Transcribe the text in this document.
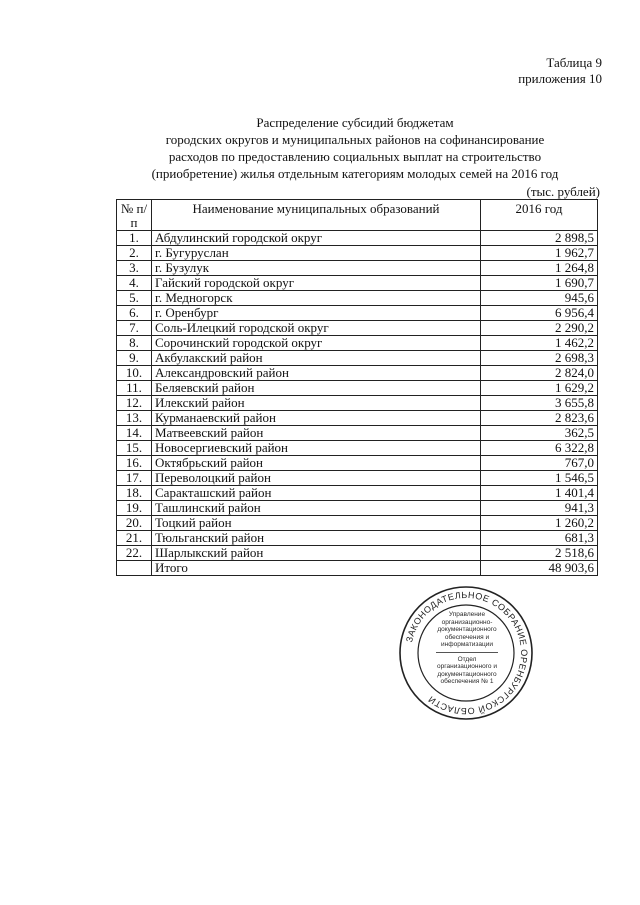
Таблица 9
приложения 10
Распределение субсидий бюджетам
городских округов и муниципальных районов на софинансирование
расходов по предоставлению социальных выплат на строительство
(приобретение) жилья отдельным категориям молодых семей на 2016 год
(тыс. рублей)
№ п/п	Наименование муниципальных образований	2016 год
1.	Абдулинский городской округ	2 898,5
2.	г. Бугуруслан	1 962,7
3.	г. Бузулук	1 264,8
4.	Гайский городской округ	1 690,7
5.	г. Медногорск	945,6
6.	г. Оренбург	6 956,4
7.	Соль-Илецкий городской округ	2 290,2
8.	Сорочинский городской округ	1 462,2
9.	Акбулакский район	2 698,3
10.	Александровский район	2 824,0
11.	Беляевский район	1 629,2
12.	Илекский район	3 655,8
13.	Курманаевский район	2 823,6
14.	Матвеевский район	362,5
15.	Новосергиевский район	6 322,8
16.	Октябрьский район	767,0
17.	Переволоцкий район	1 546,5
18.	Саракташский район	1 401,4
19.	Ташлинский район	941,3
20.	Тоцкий район	1 260,2
21.	Тюльганский район	681,3
22.	Шарлыкский район	2 518,6
	Итого	48 903,6
ЗАКОНОДАТЕЛЬНОЕ СОБРАНИЕ ОРЕНБУРГСКОЙ ОБЛАСТИ
Управление организационно-документационного обеспечения и информатизации
Отдел организационного и документационного обеспечения № 1
